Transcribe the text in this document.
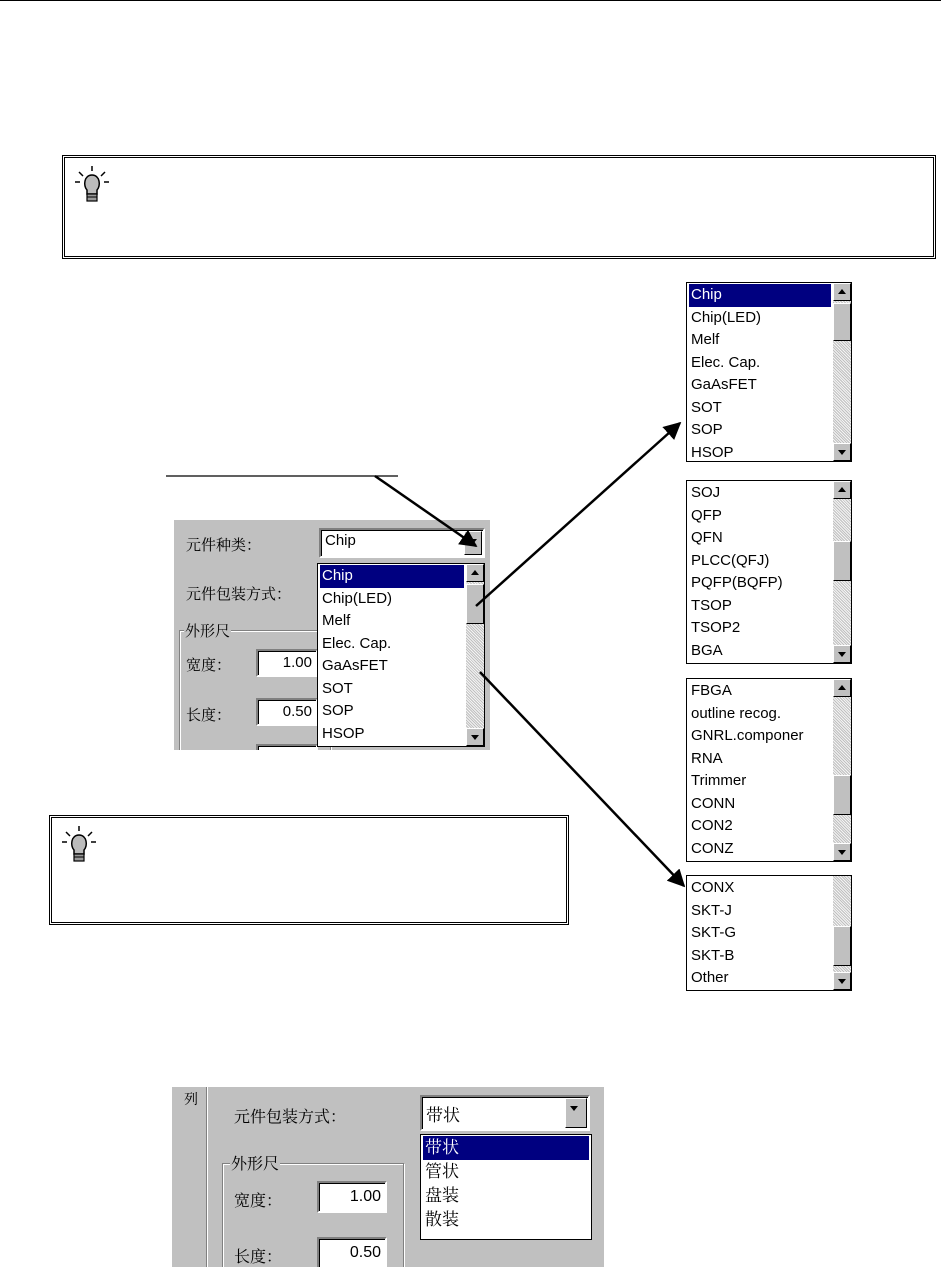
元件种类：	Chip
元件包装方式：
外形尺
宽度：	1.00
长度：	0.50
Chip
Chip(LED)
Melf
Elec. Cap.
GaAsFET
SOT
SOP
HSOP
Chip
Chip(LED)
Melf
Elec. Cap.
GaAsFET
SOT
SOP
HSOP
SOJ
QFP
QFN
PLCC(QFJ)
PQFP(BQFP)
TSOP
TSOP2
BGA
FBGA
outline recog.
GNRL.componer
RNA
Trimmer
CONN
CON2
CONZ
CONX
SKT-J
SKT-G
SKT-B
Other
列
元件包装方式：	带状
外形尺
宽度：	1.00
长度：	0.50
带状
管状
盘装
散装
